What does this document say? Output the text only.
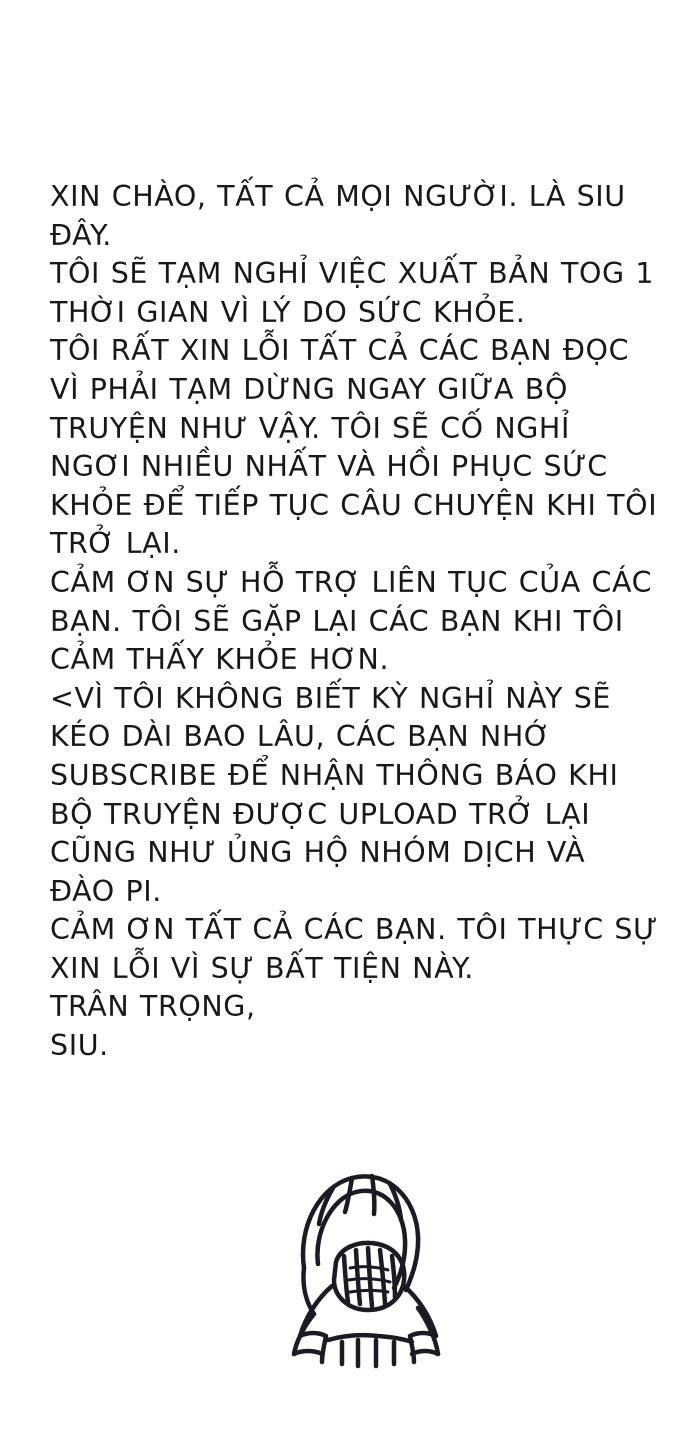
XIN CHÀO, TẤT CẢ MỌI NGƯỜI. LÀ SIU ĐÂY.

TÔI SẼ TẠM NGHỈ VIỆC XUẤT BẢN TOG 1 THỜI GIAN VÌ LÝ DO SỨC KHỎE.

TÔI RẤT XIN LỖI TẤT CẢ CÁC BẠN ĐỌC VÌ PHẢI TẠM DỪNG NGAY GIỮA BỘ TRUYỆN NHƯ VẬY. TÔI SẼ CỐ NGHỈ NGƠI NHIỀU NHẤT VÀ HỒI PHỤC SỨC KHỎE ĐỂ TIẾP TỤC CÂU CHUYỆN KHI TÔI TRỞ LẠI.

CẢM ƠN SỰ HỖ TRỢ LIÊN TỤC CỦA CÁC BẠN. TÔI SẼ GẶP LẠI CÁC BẠN KHI TÔI CẢM THẤY KHỎE HƠN.

<VÌ TÔI KHÔNG BIẾT KỲ NGHỈ NÀY SẼ KÉO DÀI BAO LÂU, CÁC BẠN NHỚ SUBSCRIBE ĐỂ NHẬN THÔNG BÁO KHI BỘ TRUYỆN ĐƯỢC UPLOAD TRỞ LẠI CŨNG NHƯ ỦNG HỘ NHÓM DỊCH VÀ ĐÀO PI.

CẢM ƠN TẤT CẢ CÁC BẠN. TÔI THỰC SỰ XIN LỖI VÌ SỰ BẤT TIỆN NÀY.

TRÂN TRỌNG,

SIU.
